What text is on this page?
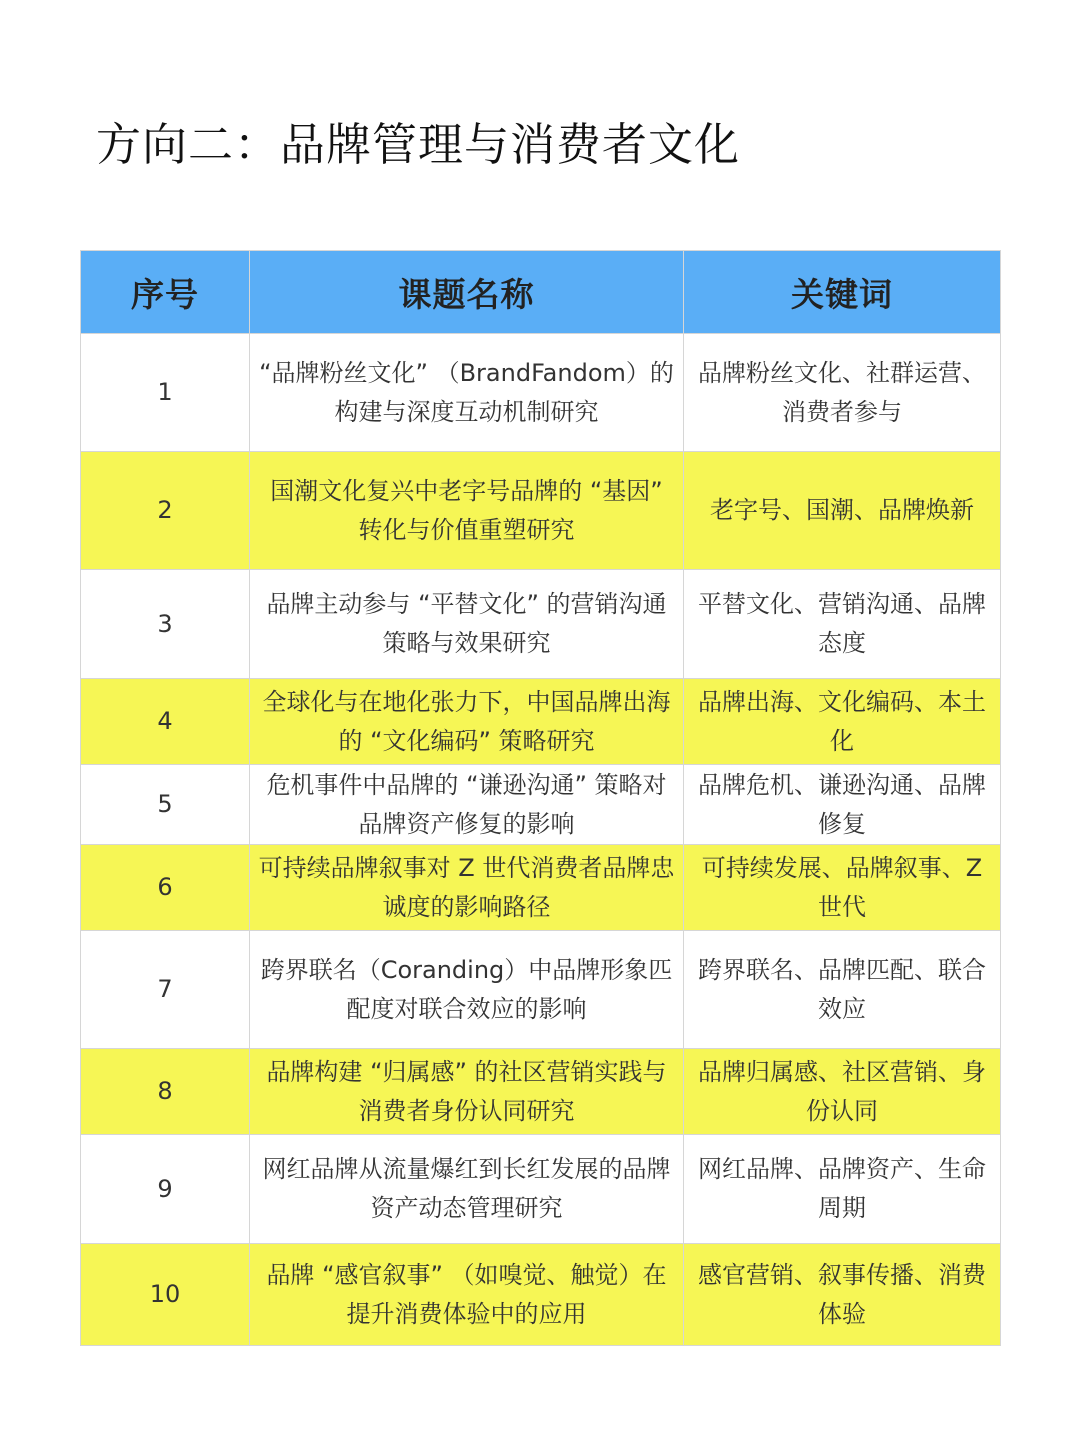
方向二：品牌管理与消费者文化
序号	课题名称	关键词
1	“品牌粉丝文化” （BrandFandom）的构建与深度互动机制研究	品牌粉丝文化、社群运营、消费者参与
2	国潮文化复兴中老字号品牌的 “基因” 转化与价值重塑研究	老字号、国潮、品牌焕新
3	品牌主动参与 “平替文化” 的营销沟通策略与效果研究	平替文化、营销沟通、品牌态度
4	全球化与在地化张力下，中国品牌出海的 “文化编码” 策略研究	品牌出海、文化编码、本土化
5	危机事件中品牌的 “谦逊沟通” 策略对品牌资产修复的影响	品牌危机、谦逊沟通、品牌修复
6	可持续品牌叙事对 Z 世代消费者品牌忠诚度的影响路径	可持续发展、品牌叙事、Z 世代
7	跨界联名（Coranding）中品牌形象匹配度对联合效应的影响	跨界联名、品牌匹配、联合效应
8	品牌构建 “归属感” 的社区营销实践与消费者身份认同研究	品牌归属感、社区营销、身份认同
9	网红品牌从流量爆红到长红发展的品牌资产动态管理研究	网红品牌、品牌资产、生命周期
10	品牌 “感官叙事” （如嗅觉、触觉）在提升消费体验中的应用	感官营销、叙事传播、消费体验
